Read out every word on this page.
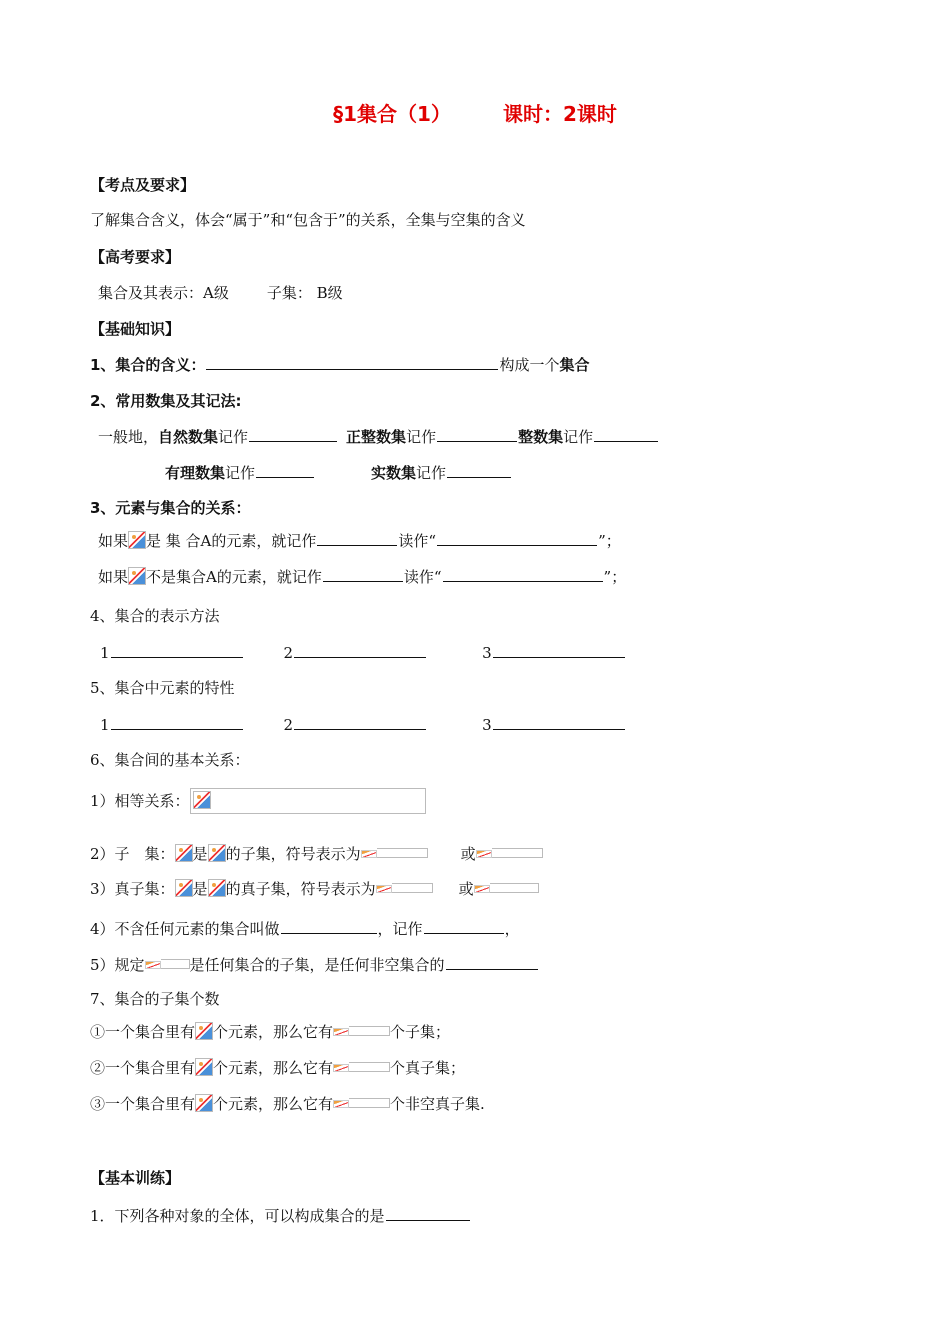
§1集合（1）	课时：2课时
【考点及要求】
了解集合含义，体会“属于”和“包含于”的关系，全集与空集的含义
【高考要求】
集合及其表示：A级	子集： B级
【基础知识】
1、集合的含义：	构成一个集合
2、常用数集及其记法:
一般地，自然数集记作	正整数集记作	整数集记作
有理数集记作	实数集记作
3、元素与集合的关系：
如果 是 集 合A的元素，就记作	读作“	”；
如果 不是集合A的元素，就记作	读作“	”；
4、集合的表示方法
1	2	3
5、集合中元素的特性
1	2	3
6、集合间的基本关系：
1）相等关系：
2）子　集： 是 的子集，符号表示为	或
3）真子集： 是 的真子集，符号表示为	或
4）不含任何元素的集合叫做	，记作	，
5）规定	是任何集合的子集，是任何非空集合的
7、集合的子集个数
①一个集合里有 个元素，那么它有	个子集；
②一个集合里有 个元素，那么它有	个真子集；
③一个集合里有 个元素，那么它有	个非空真子集.
【基本训练】
1．下列各种对象的全体，可以构成集合的是
